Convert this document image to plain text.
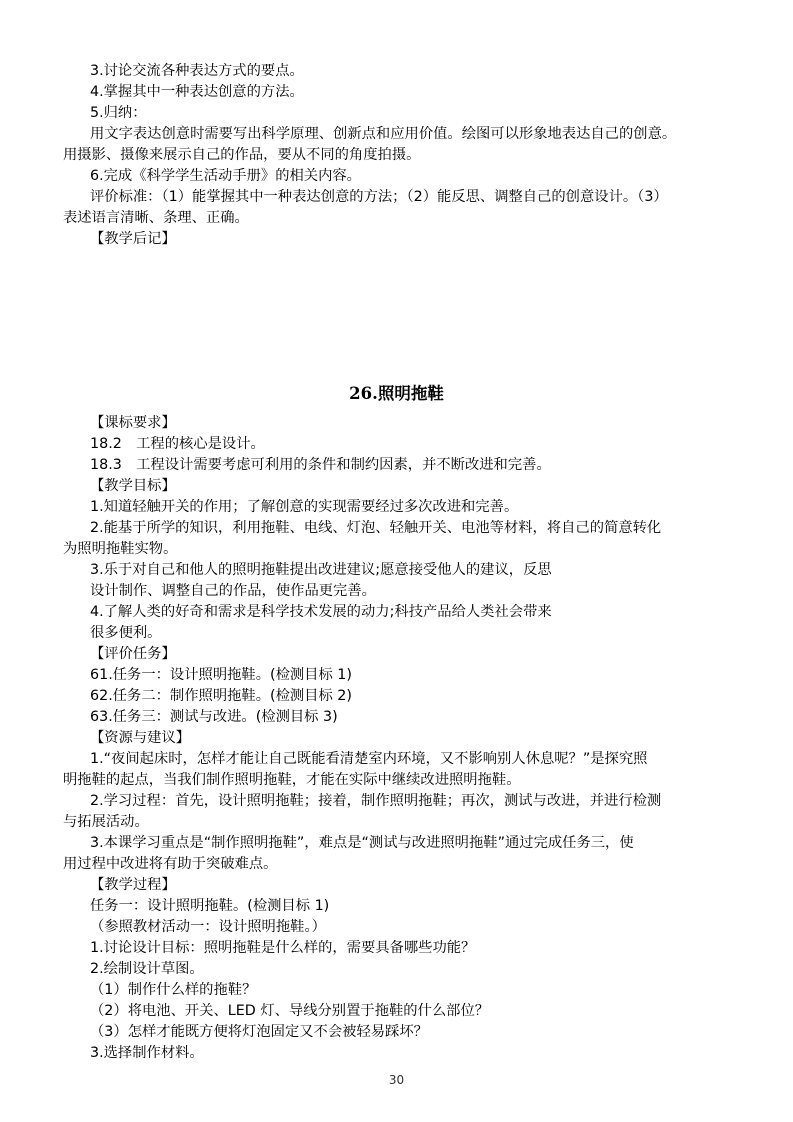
3.讨论交流各种表达方式的要点。
4.掌握其中一种表达创意的方法。
5.归纳：
用文字表达创意时需要写出科学原理、创新点和应用价值。绘图可以形象地表达自己的创意。
用摄影、摄像来展示自己的作品，要从不同的角度拍摄。
6.完成《科学学生活动手册》的相关内容。
评价标准：（1）能掌握其中一种表达创意的方法；（2）能反思、调整自己的创意设计。（3）
表述语言清晰、条理、正确。
【教学后记】
26.照明拖鞋
【课标要求】
18.2　工程的核心是设计。
18.3　工程设计需要考虑可利用的条件和制约因素，并不断改进和完善。
【教学目标】
1.知道轻触开关的作用；了解创意的实现需要经过多次改进和完善。
2.能基于所学的知识，利用拖鞋、电线、灯泡、轻触开关、电池等材料，将自己的简意转化
为照明拖鞋实物。
3.乐于对自己和他人的照明拖鞋提出改进建议;愿意接受他人的建议，反思
设计制作、调整自己的作品，使作品更完善。
4.了解人类的好奇和需求是科学技术发展的动力;科技产品给人类社会带来
很多便利。
【评价任务】
61.任务一：设计照明拖鞋。(检测目标 1)
62.任务二：制作照明拖鞋。(检测目标 2)
63.任务三：测试与改进。(检测目标 3)
【资源与建议】
1.“夜间起床时，怎样才能让自己既能看清楚室内环境，又不影响别人休息呢？”是探究照
明拖鞋的起点，当我们制作照明拖鞋，才能在实际中继续改进照明拖鞋。
2.学习过程：首先，设计照明拖鞋；接着，制作照明拖鞋；再次，测试与改进，并进行检测
与拓展活动。
3.本课学习重点是“制作照明拖鞋”，难点是“测试与改进照明拖鞋”通过完成任务三，使
用过程中改进将有助于突破难点。
【教学过程】
任务一：设计照明拖鞋。(检测目标 1)
（参照教材活动一：设计照明拖鞋。）
1.讨论设计目标：照明拖鞋是什么样的，需要具备哪些功能？
2.绘制设计草图。
（1）制作什么样的拖鞋？
（2）将电池、开关、LED 灯、导线分别置于拖鞋的什么部位？
（3）怎样才能既方便将灯泡固定又不会被轻易踩坏？
3.选择制作材料。
30
